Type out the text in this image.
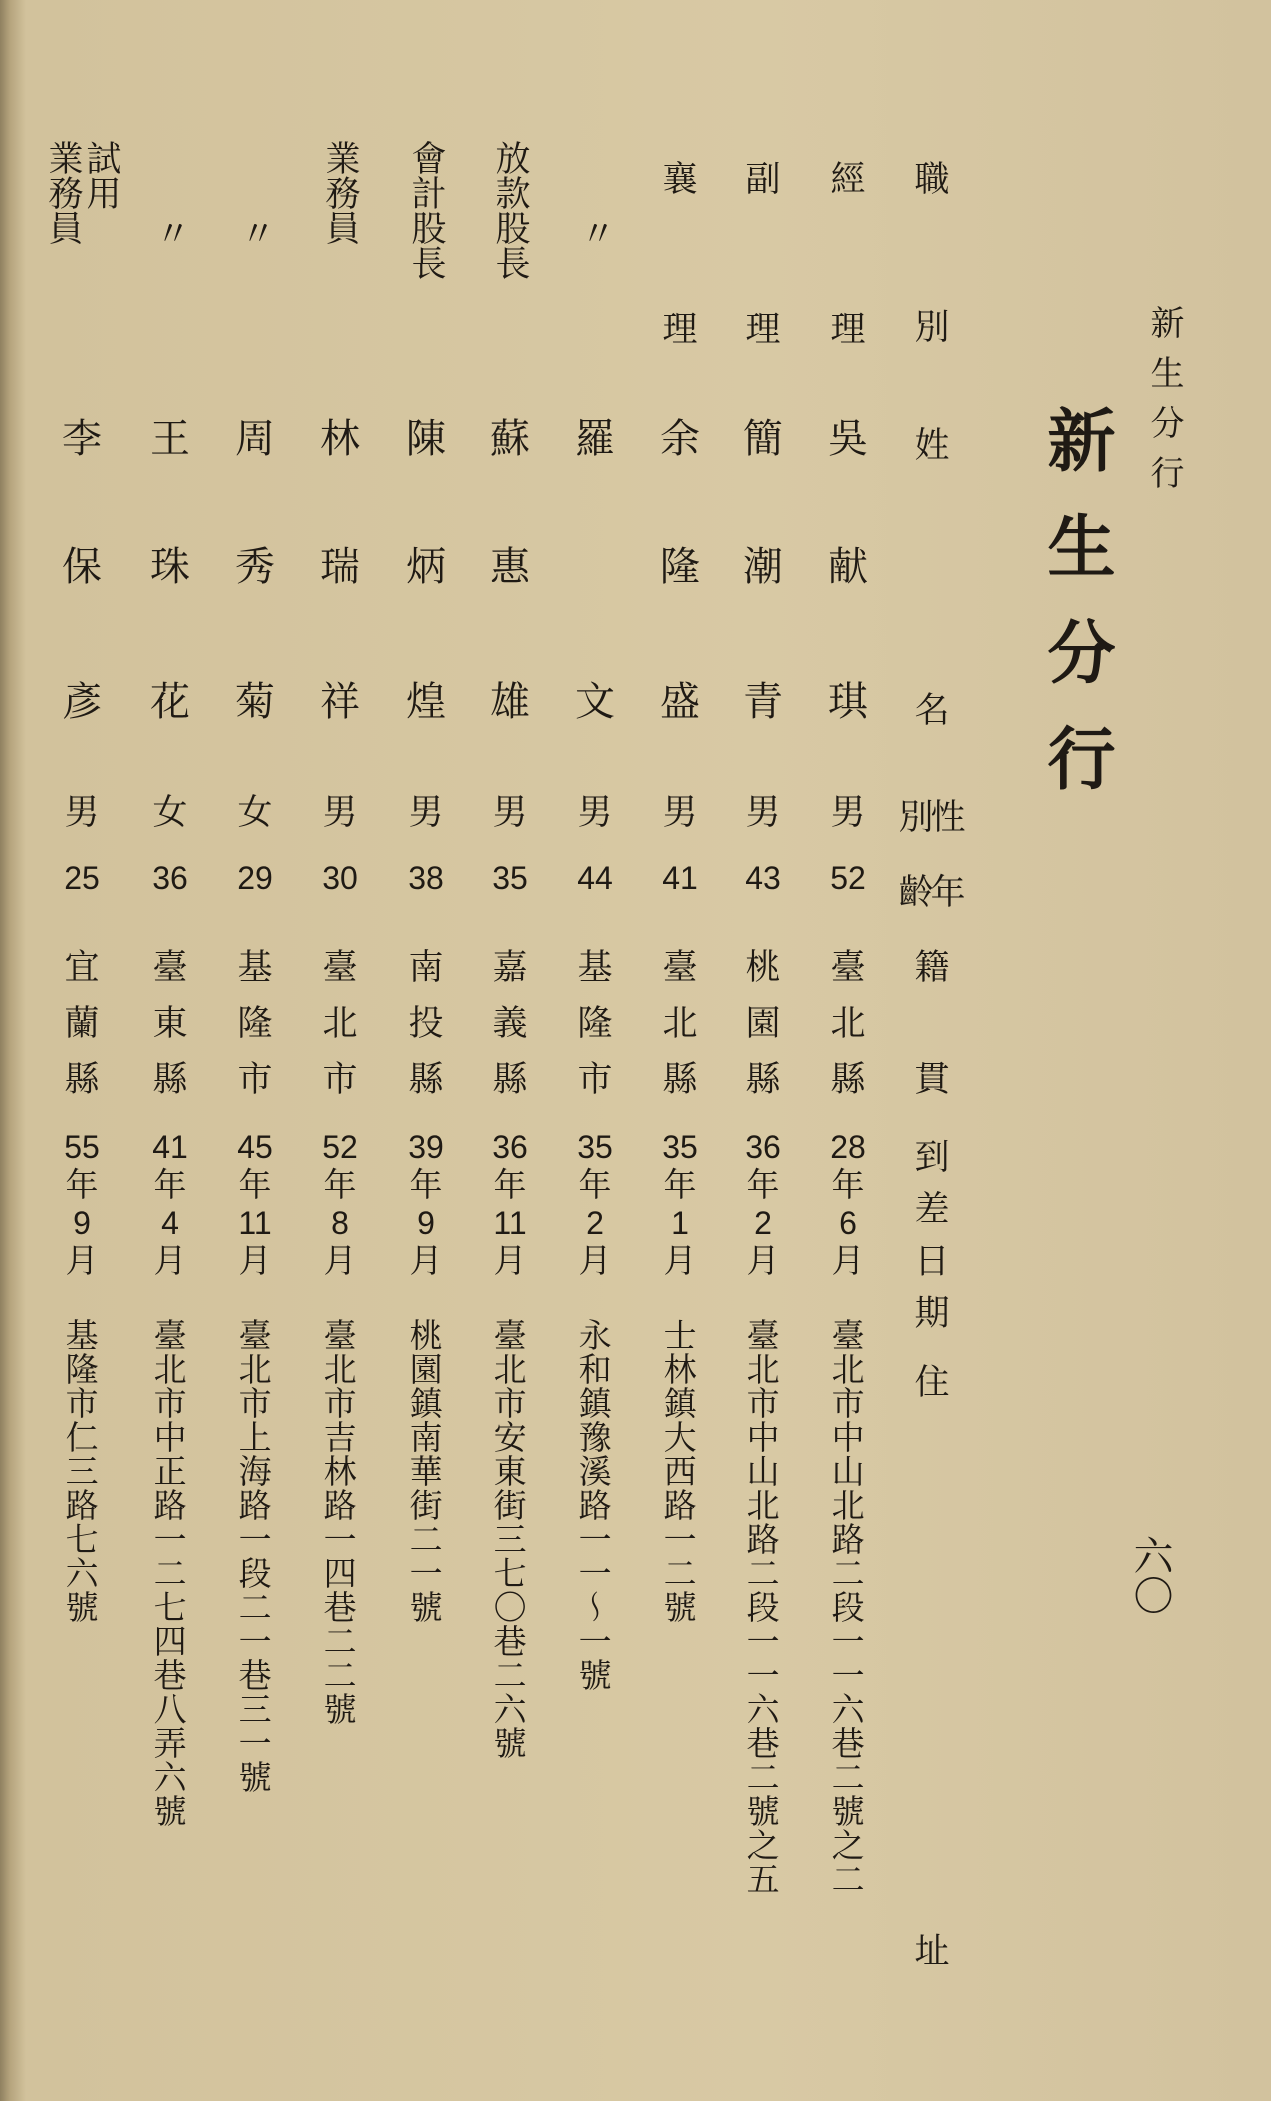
新生分行
新生分行
六〇
職
別
姓
名
別
性
齡
年
籍
貫
到
差
日
期
住
址
經
理
吳
献
琪
男
52
臺
北
縣
28
年
6
月
臺北市中山北路二段一一六巷二號之二
副
理
簡
潮
青
男
43
桃
園
縣
36
年
2
月
臺北市中山北路二段一一六巷二號之五
襄
理
余
隆
盛
男
41
臺
北
縣
35
年
1
月
士林鎮大西路一二號
〃
羅
文
男
44
基
隆
市
35
年
2
月
永和鎮豫溪路一一〜一號
放款股長
蘇
惠
雄
男
35
嘉
義
縣
36
年
11
月
臺北市安東街三七〇巷二六號
會計股長
陳
炳
煌
男
38
南
投
縣
39
年
9
月
桃園鎮南華街二一號
業務員
林
瑞
祥
男
30
臺
北
市
52
年
8
月
臺北市吉林路一四巷二二號
〃
周
秀
菊
女
29
基
隆
市
45
年
11
月
臺北市上海路一段二一巷三一號
〃
王
珠
花
女
36
臺
東
縣
41
年
4
月
臺北市中正路一二七四巷八弄六號
試用
業務員
李
保
彥
男
25
宜
蘭
縣
55
年
9
月
基隆市仁三路七六號
